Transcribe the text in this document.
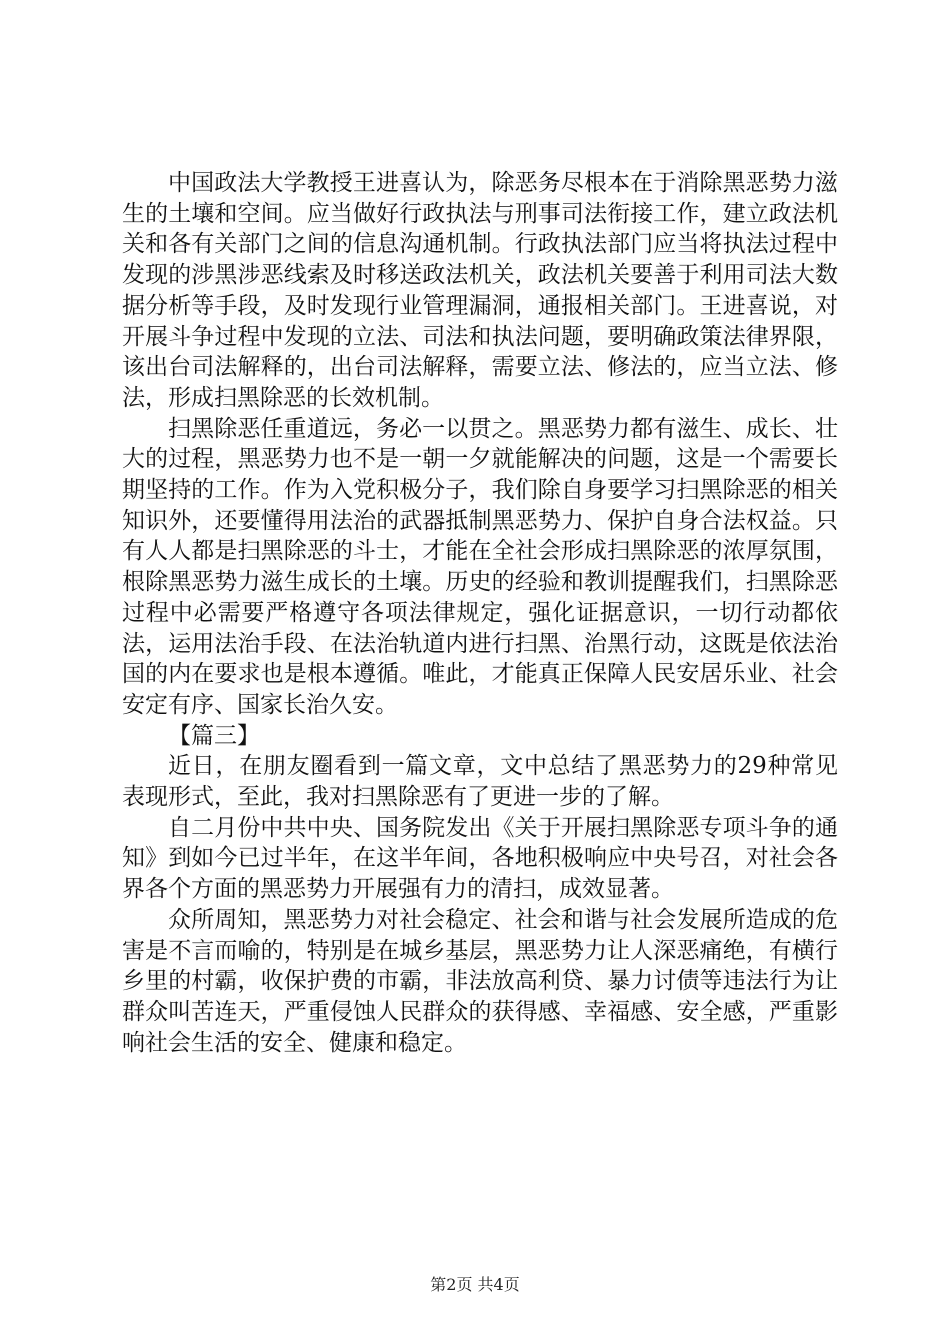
中国政法大学教授王进喜认为，除恶务尽根本在于消除黑恶势力滋生的土壤和空间。应当做好行政执法与刑事司法衔接工作，建立政法机关和各有关部门之间的信息沟通机制。行政执法部门应当将执法过程中发现的涉黑涉恶线索及时移送政法机关，政法机关要善于利用司法大数据分析等手段，及时发现行业管理漏洞，通报相关部门。王进喜说，对开展斗争过程中发现的立法、司法和执法问题，要明确政策法律界限，该出台司法解释的，出台司法解释，需要立法、修法的，应当立法、修法，形成扫黑除恶的长效机制。

扫黑除恶任重道远，务必一以贯之。黑恶势力都有滋生、成长、壮大的过程，黑恶势力也不是一朝一夕就能解决的问题，这是一个需要长期坚持的工作。作为入党积极分子，我们除自身要学习扫黑除恶的相关知识外，还要懂得用法治的武器抵制黑恶势力、保护自身合法权益。只有人人都是扫黑除恶的斗士，才能在全社会形成扫黑除恶的浓厚氛围，根除黑恶势力滋生成长的土壤。历史的经验和教训提醒我们，扫黑除恶过程中必需要严格遵守各项法律规定，强化证据意识，一切行动都依法，运用法治手段、在法治轨道内进行扫黑、治黑行动，这既是依法治国的内在要求也是根本遵循。唯此，才能真正保障人民安居乐业、社会安定有序、国家长治久安。

【篇三】

近日，在朋友圈看到一篇文章，文中总结了黑恶势力的29种常见表现形式，至此，我对扫黑除恶有了更进一步的了解。

自二月份中共中央、国务院发出《关于开展扫黑除恶专项斗争的通知》到如今已过半年，在这半年间，各地积极响应中央号召，对社会各界各个方面的黑恶势力开展强有力的清扫，成效显著。

众所周知，黑恶势力对社会稳定、社会和谐与社会发展所造成的危害是不言而喻的，特别是在城乡基层，黑恶势力让人深恶痛绝，有横行乡里的村霸，收保护费的市霸，非法放高利贷、暴力讨债等违法行为让群众叫苦连天，严重侵蚀人民群众的获得感、幸福感、安全感，严重影响社会生活的安全、健康和稳定。

第2页 共4页
